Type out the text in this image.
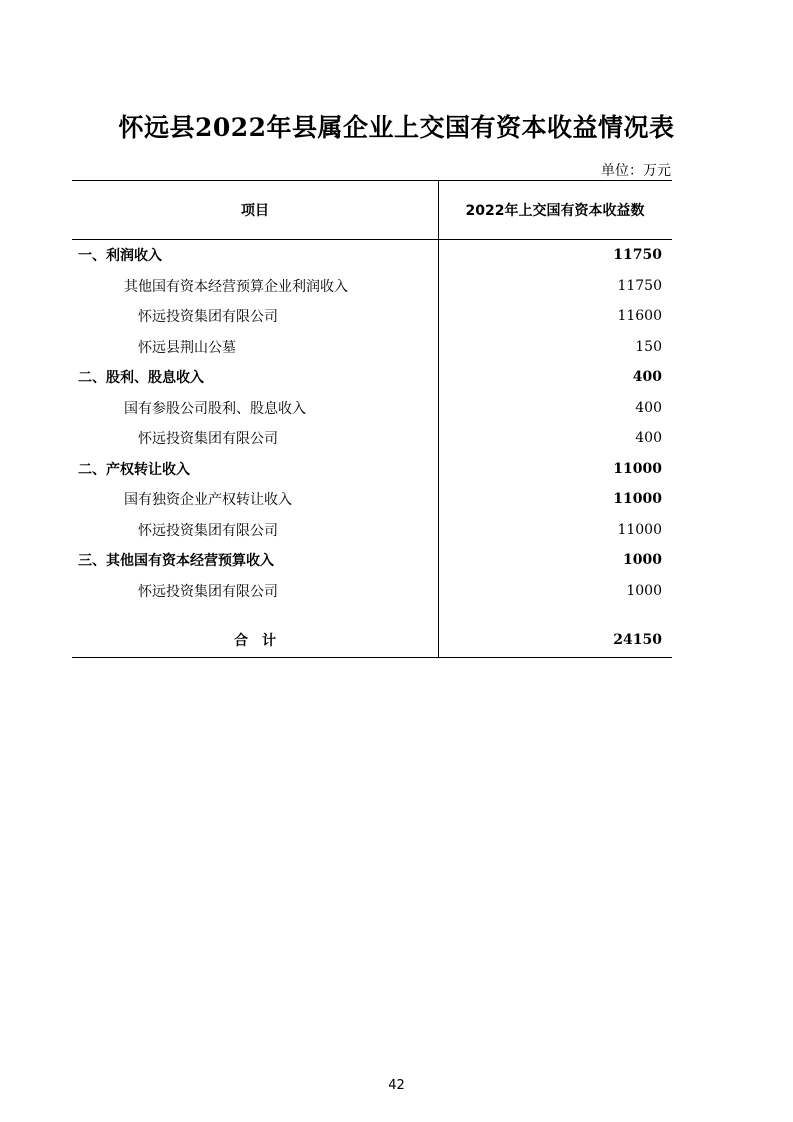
怀远县2022年县属企业上交国有资本收益情况表
单位：万元
项目	2022年上交国有资本收益数
一、利润收入	11750
其他国有资本经营预算企业利润收入	11750
怀远投资集团有限公司	11600
怀远县荆山公墓	150
二、股利、股息收入	400
国有参股公司股利、股息收入	400
怀远投资集团有限公司	400
二、产权转让收入	11000
国有独资企业产权转让收入	11000
怀远投资集团有限公司	11000
三、其他国有资本经营预算收入	1000
怀远投资集团有限公司	1000
合　计	24150
42
